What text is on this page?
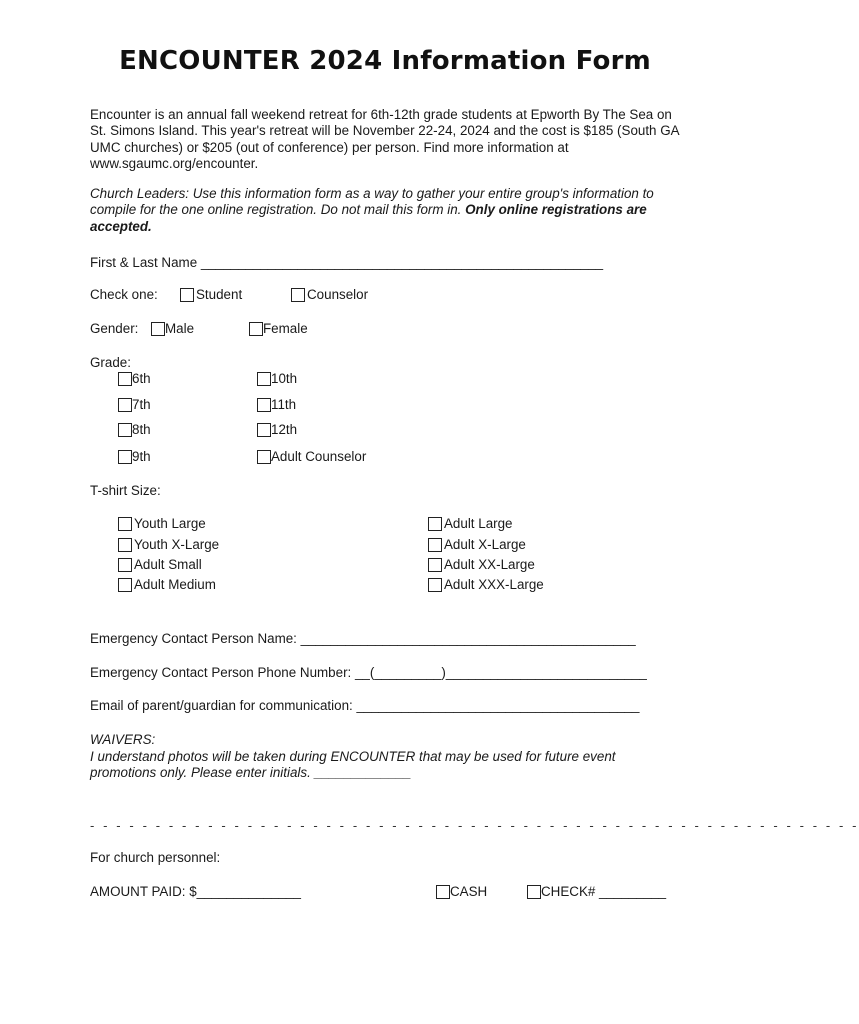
ENCOUNTER 2024 Information Form
Encounter is an annual fall weekend retreat for 6th-12th grade students at Epworth By The Sea on St. Simons Island. This year's retreat will be November 22-24, 2024 and the cost is $185 (South GA UMC churches) or $205 (out of conference) per person. Find more information at www.sgaumc.org/encounter.
Church Leaders: Use this information form as a way to gather your entire group's information to compile for the one online registration. Do not mail this form in. Only online registrations are accepted.
First & Last Name ______________________________________________________
Check one:	Student	Counselor
Gender:	Male	Female
Grade:
6th
7th
8th
9th
10th
11th
12th
Adult Counselor
T-shirt Size:
Youth Large
Youth X-Large
Adult Small
Adult Medium
Adult Large
Adult X-Large
Adult XX-Large
Adult XXX-Large
Emergency Contact Person Name: _____________________________________________
Emergency Contact Person Phone Number: __(_________)___________________________
Email of parent/guardian for communication: ______________________________________
WAIVERS:
I understand photos will be taken during ENCOUNTER that may be used for future event promotions only. Please enter initials. _____________
- - - - - - - - - - - - - - - - - - - - - - - - - - - - - - - - - - - - - - - - - - - - - - - - - - - - - - - - - - -
For church personnel:
AMOUNT PAID: $______________	CASH	CHECK# _________
